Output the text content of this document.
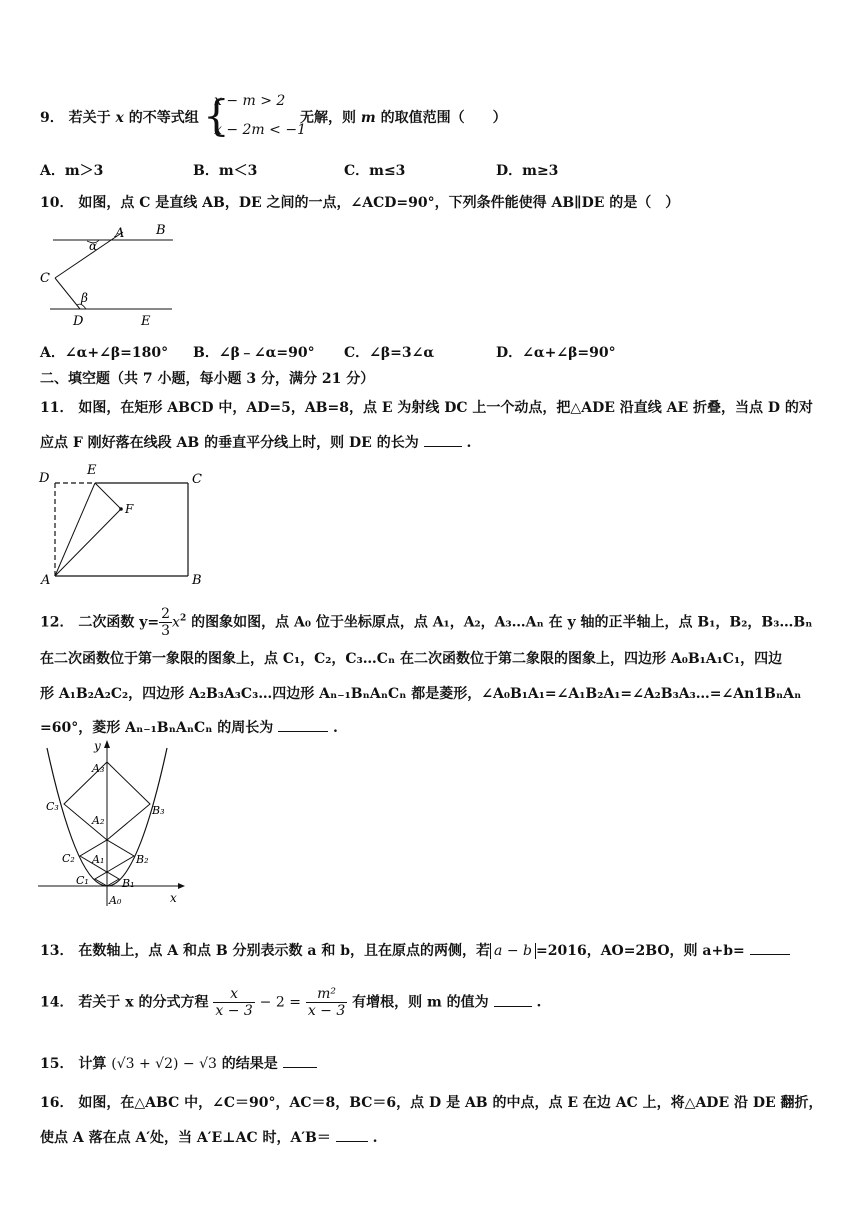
9． 若关于 x 的不等式组 {
x − m > 2
x − 2m < −1
无解，则 m 的取值范围（　　）
A．m＞3	B．m＜3	C．m≤3	D．m≥3
10． 如图，点 C 是直线 AB，DE 之间的一点，∠ACD=90°，下列条件能使得 AB∥DE 的是（　）
A B
C
D	E
α
β
A．∠α+∠β=180° B．∠β﹣∠α=90° C．∠β=3∠α	D．∠α+∠β=90°
二、填空题（共 7 小题，每小题 3 分，满分 21 分）
11． 如图，在矩形 ABCD 中，AD=5，AB=8，点 E 为射线 DC 上一个动点，把△ADE 沿直线 AE 折叠，当点 D 的对
应点 F 刚好落在线段 AB 的垂直平分线上时，则 DE 的长为	.
D
E
C
F
A	B
12． 二次函数 $y= \frac{2}{3} x^2$ 的图象如图，点 A₀ 位于坐标原点，点 A₁，A₂，A₃…Aₙ 在 y 轴的正半轴上，点 B₁，B₂，B₃…Bₙ
在二次函数位于第一象限的图象上，点 C₁，C₂，C₃…Cₙ 在二次函数位于第二象限的图象上，四边形 A₀B₁A₁C₁，四边
形 A₁B₂A₂C₂，四边形 A₂B₃A₃C₃…四边形 Aₙ₋₁BₙAₙCₙ 都是菱形，∠A₀B₁A₁=∠A₁B₂A₁=∠A₂B₃A₃…=∠An1BₙAₙ
=60°，菱形 Aₙ₋₁BₙAₙCₙ 的周长为	.
y
x
A₃
A₂
A₁
A₀
B₃
B₂
B₁
C₃
C₂
C₁
13． 在数轴上，点 A 和点 B 分别表示数 a 和 b，且在原点的两侧，若 a − b =2016，AO=2BO，则 a+b=
14． 若关于 x 的分式方程 $\frac{x}{x - 3} - 2 = \frac{\text{m²}}{x - 3}$ 有增根，则 m 的值为	.
15． 计算 (√3 + √2) − √3 的结果是
16． 如图，在△ABC 中，∠C＝90°，AC＝8，BC＝6，点 D 是 AB 的中点，点 E 在边 AC 上，将△ADE 沿 DE 翻折，
使点 A 落在点 A′处，当 A′E⊥AC 时，A′B＝	.
